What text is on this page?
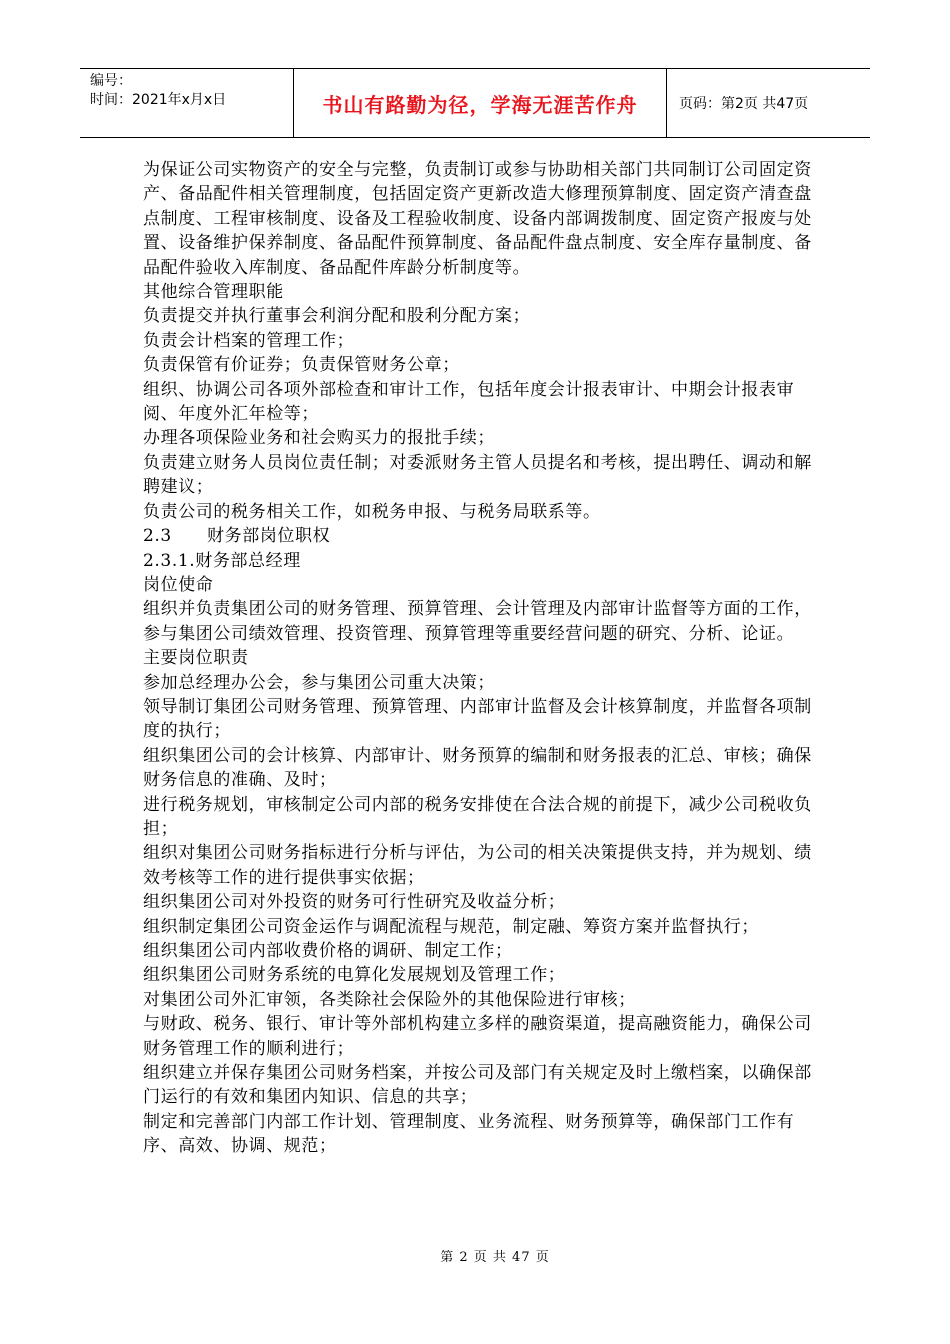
编号：
时间：2021年x月x日	书山有路勤为径，学海无涯苦作舟	页码：第2页 共47页

为保证公司实物资产的安全与完整，负责制订或参与协助相关部门共同制订公司固定资产、备品配件相关管理制度，包括固定资产更新改造大修理预算制度、固定资产清查盘点制度、工程审核制度、设备及工程验收制度、设备内部调拨制度、固定资产报废与处置、设备维护保养制度、备品配件预算制度、备品配件盘点制度、安全库存量制度、备品配件验收入库制度、备品配件库龄分析制度等。

其他综合管理职能

负责提交并执行董事会利润分配和股利分配方案；

负责会计档案的管理工作；

负责保管有价证券；负责保管财务公章；

组织、协调公司各项外部检查和审计工作，包括年度会计报表审计、中期会计报表审阅、年度外汇年检等；

办理各项保险业务和社会购买力的报批手续；

负责建立财务人员岗位责任制；对委派财务主管人员提名和考核，提出聘任、调动和解聘建议；

负责公司的税务相关工作，如税务申报、与税务局联系等。

2.3　　财务部岗位职权

2.3.1.财务部总经理

岗位使命

组织并负责集团公司的财务管理、预算管理、会计管理及内部审计监督等方面的工作，参与集团公司绩效管理、投资管理、预算管理等重要经营问题的研究、分析、论证。

主要岗位职责

参加总经理办公会，参与集团公司重大决策；

领导制订集团公司财务管理、预算管理、内部审计监督及会计核算制度，并监督各项制度的执行；

组织集团公司的会计核算、内部审计、财务预算的编制和财务报表的汇总、审核；确保财务信息的准确、及时；

进行税务规划，审核制定公司内部的税务安排使在合法合规的前提下，减少公司税收负担；

组织对集团公司财务指标进行分析与评估，为公司的相关决策提供支持，并为规划、绩效考核等工作的进行提供事实依据；

组织集团公司对外投资的财务可行性研究及收益分析；

组织制定集团公司资金运作与调配流程与规范，制定融、筹资方案并监督执行；

组织集团公司内部收费价格的调研、制定工作；

组织集团公司财务系统的电算化发展规划及管理工作；

对集团公司外汇审领，各类除社会保险外的其他保险进行审核；

与财政、税务、银行、审计等外部机构建立多样的融资渠道，提高融资能力，确保公司财务管理工作的顺利进行；

组织建立并保存集团公司财务档案，并按公司及部门有关规定及时上缴档案，以确保部门运行的有效和集团内知识、信息的共享；

制定和完善部门内部工作计划、管理制度、业务流程、财务预算等，确保部门工作有序、高效、协调、规范；

第 2 页 共 47 页
